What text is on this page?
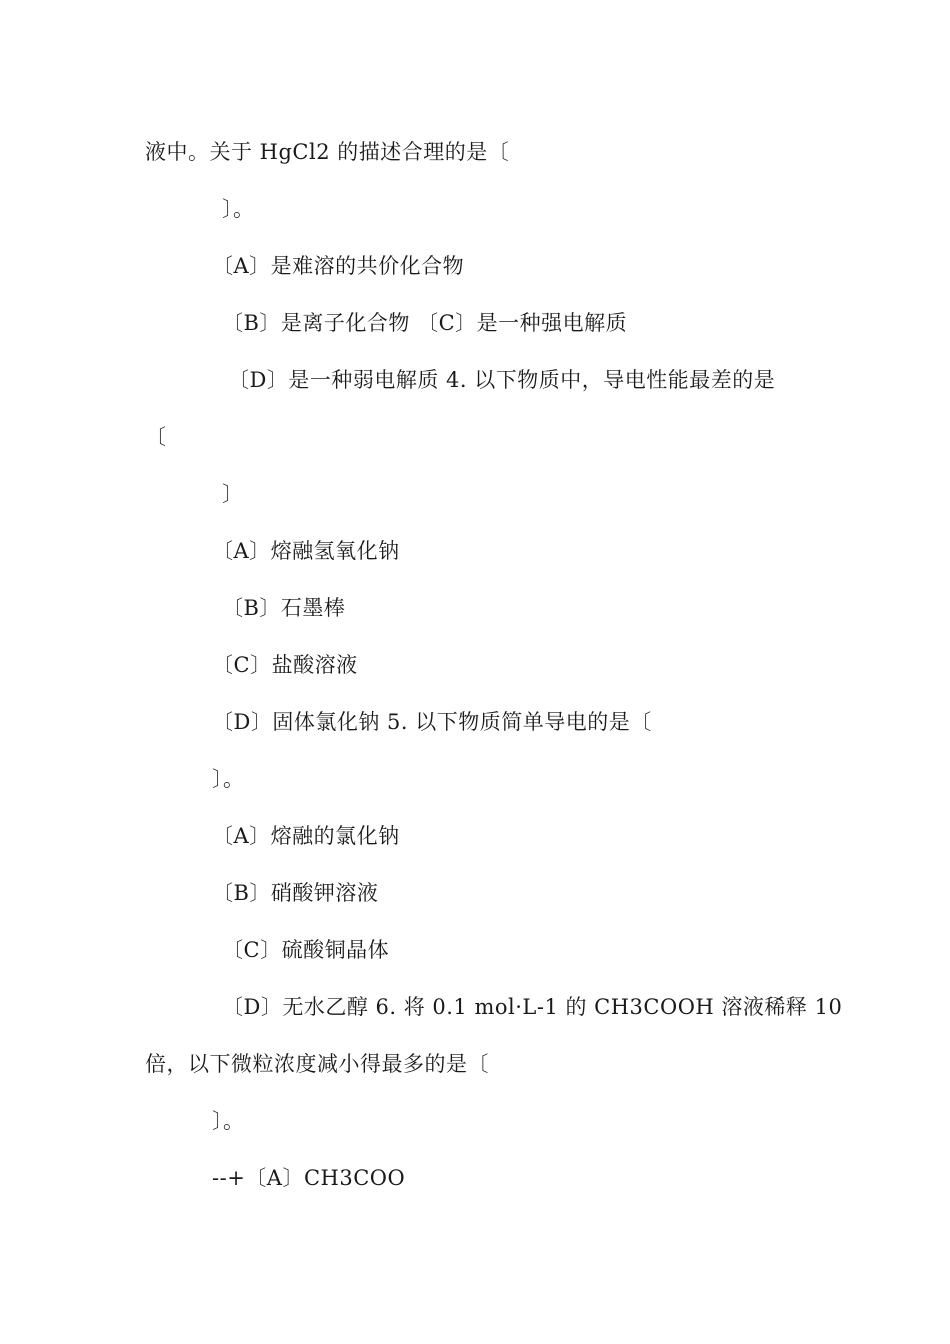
液中。关于 HgCl2 的描述合理的是〔
〕。
〔A〕是难溶的共价化合物
〔B〕是离子化合物 〔C〕是一种强电解质
〔D〕是一种弱电解质 4. 以下物质中，导电性能最差的是
〔
〕
〔A〕熔融氢氧化钠
〔B〕石墨棒
〔C〕盐酸溶液
〔D〕固体氯化钠 5. 以下物质简单导电的是〔
〕。
〔A〕熔融的氯化钠
〔B〕硝酸钾溶液
〔C〕硫酸铜晶体
〔D〕无水乙醇 6. 将 0.1 mol·L-1 的 CH3COOH 溶液稀释 10
倍，以下微粒浓度减小得最多的是〔
〕。
--+〔A〕CH3COO
